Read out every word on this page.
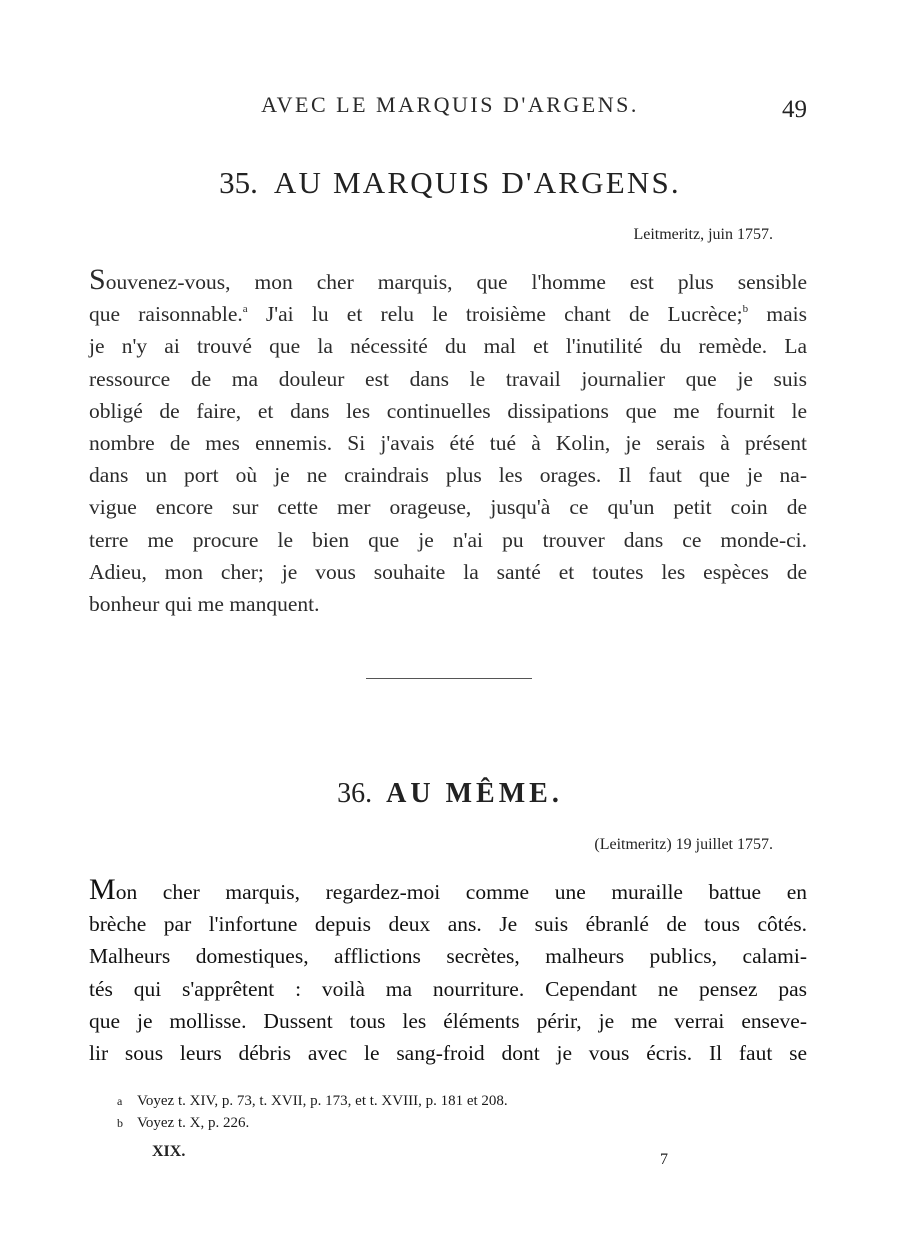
AVEC LE MARQUIS D'ARGENS.	49
35. AU MARQUIS D'ARGENS.
Leitmeritz, juin 1757.
Souvenez-vous, mon cher marquis, que l'homme est plus sensible
que raisonnable.$^a$ J'ai lu et relu le troisième chant de Lucrèce;$^b$ mais
je n'y ai trouvé que la nécessité du mal et l'inutilité du remède. La
ressource de ma douleur est dans le travail journalier que je suis
obligé de faire, et dans les continuelles dissipations que me fournit le
nombre de mes ennemis. Si j'avais été tué à Kolin, je serais à présent
dans un port où je ne craindrais plus les orages. Il faut que je na-
vigue encore sur cette mer orageuse, jusqu'à ce qu'un petit coin de
terre me procure le bien que je n'ai pu trouver dans ce monde-ci.
Adieu, mon cher; je vous souhaite la santé et toutes les espèces de
bonheur qui me manquent.
36. AU MÊME.
(Leitmeritz) 19 juillet 1757.
Mon cher marquis, regardez-moi comme une muraille battue en
brèche par l'infortune depuis deux ans. Je suis ébranlé de tous côtés.
Malheurs domestiques, afflictions secrètes, malheurs publics, calami-
tés qui s'apprêtent : voilà ma nourriture. Cependant ne pensez pas
que je mollisse. Dussent tous les éléments périr, je me verrai enseve-
lir sous leurs débris avec le sang-froid dont je vous écris. Il faut se
a Voyez t. XIV, p. 73, t. XVII, p. 173, et t. XVIII, p. 181 et 208.
b Voyez t. X, p. 226.
XIX.	7
